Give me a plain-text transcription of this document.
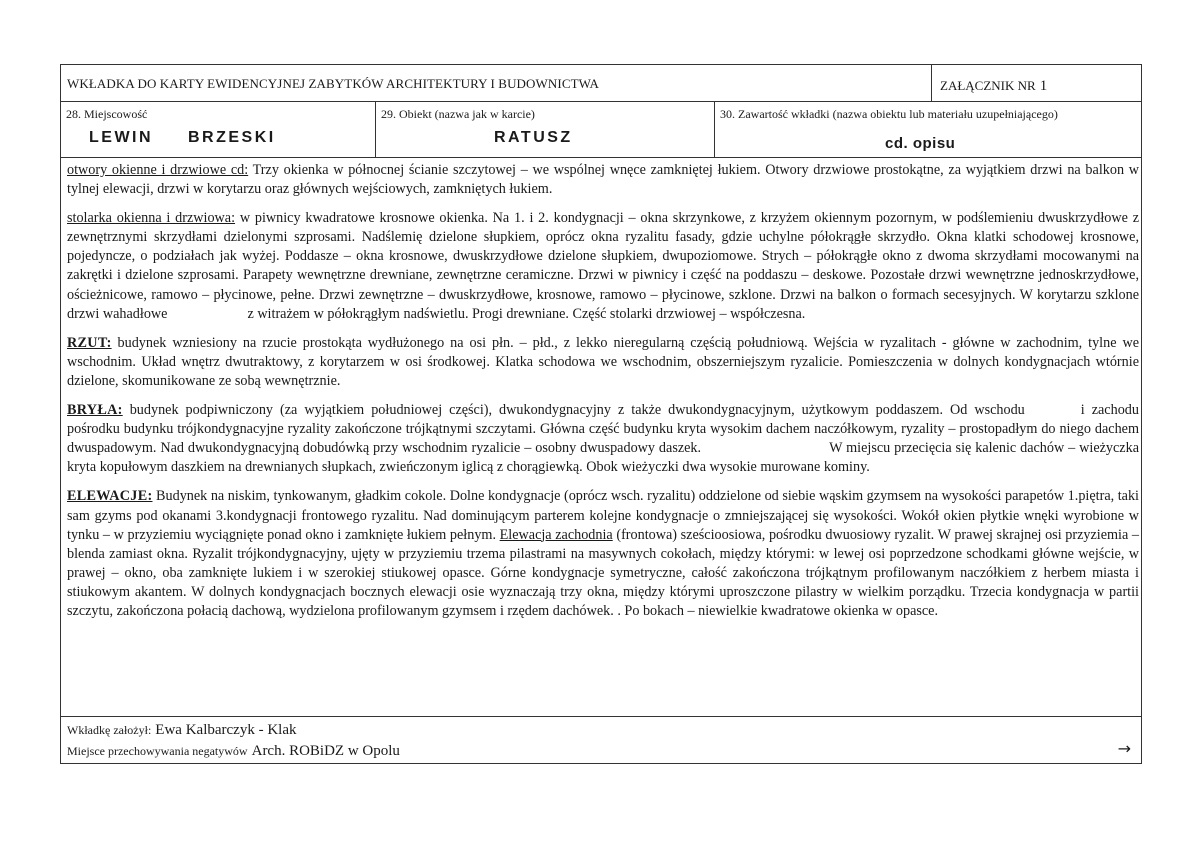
WKŁADKA DO KARTY EWIDENCYJNEJ ZABYTKÓW ARCHITEKTURY I BUDOWNICTWA	ZAŁĄCZNIK NR 1
28. Miejscowość
LEWIN BRZESKI
29. Obiekt (nazwa jak w karcie)
RATUSZ
30. Zawartość wkładki (nazwa obiektu lub materiału uzupełniającego)
cd. opisu

otwory okienne i drzwiowe cd: Trzy okienka w północnej ścianie szczytowej – we wspólnej wnęce zamkniętej łukiem. Otwory drzwiowe prostokątne, za wyjątkiem drzwi na balkon w tylnej elewacji, drzwi w korytarzu oraz głównych wejściowych, zamkniętych łukiem.

stolarka okienna i drzwiowa: w piwnicy kwadratowe krosnowe okienka. Na 1. i 2. kondygnacji – okna skrzynkowe, z krzyżem okiennym pozornym, w podślemieniu dwuskrzydłowe z zewnętrznymi skrzydłami dzielonymi szprosami. Nadślemię dzielone słupkiem, oprócz okna ryzalitu fasady, gdzie uchylne półokrągłe skrzydło. Okna klatki schodowej krosnowe, pojedyncze, o podziałach jak wyżej. Poddasze – okna krosnowe, dwuskrzydłowe dzielone słupkiem, dwupoziomowe. Strych – półokrągłe okno z dwoma skrzydłami mocowanymi na zakrętki i dzielone szprosami. Parapety wewnętrzne drewniane, zewnętrzne ceramiczne. Drzwi w piwnicy i część na poddaszu – deskowe. Pozostałe drzwi wewnętrzne jednoskrzydłowe, ościeżnicowe, ramowo – płycinowe, pełne. Drzwi zewnętrzne – dwuskrzydłowe, krosnowe, ramowo – płycinowe, szklone. Drzwi na balkon o formach secesyjnych. W korytarzu szklone drzwi wahadłowe	z witrażem w półokrągłym nadświetlu. Progi drewniane. Część stolarki drzwiowej – współczesna.

RZUT: budynek wzniesiony na rzucie prostokąta wydłużonego na osi płn. – płd., z lekko nieregularną częścią południową. Wejścia w ryzalitach - główne w zachodnim, tylne we wschodnim. Układ wnętrz dwutraktowy, z korytarzem w osi środkowej. Klatka schodowa we wschodnim, obszerniejszym ryzalicie. Pomieszczenia w dolnych kondygnacjach wtórnie dzielone, skomunikowane ze sobą wewnętrznie.

BRYŁA: budynek podpiwniczony (za wyjątkiem południowej części), dwukondygnacyjny z także dwukondygnacyjnym, użytkowym poddaszem. Od wschodu	i zachodu pośrodku budynku trójkondygnacyjne ryzality zakończone trójkątnymi szczytami. Główna część budynku kryta wysokim dachem naczółkowym, ryzality – prostopadłym do niego dachem dwuspadowym. Nad dwukondygnacyjną dobudówką przy wschodnim ryzalicie – osobny dwuspadowy daszek.	W miejscu przecięcia się kalenic dachów – wieżyczka kryta kopułowym daszkiem na drewnianych słupkach, zwieńczonym iglicą z chorągiewką. Obok wieżyczki dwa wysokie murowane kominy.

ELEWACJE: Budynek na niskim, tynkowanym, gładkim cokole. Dolne kondygnacje (oprócz wsch. ryzalitu) oddzielone od siebie wąskim gzymsem na wysokości parapetów 1.piętra, taki sam gzyms pod okanami 3.kondygnacji frontowego ryzalitu. Nad dominującym parterem kolejne kondygnacje o zmniejszającej się wysokości. Wokół okien płytkie wnęki wyrobione w tynku – w przyziemiu wyciągnięte ponad okno i zamknięte łukiem pełnym. Elewacja zachodnia (frontowa) sześcioosiowa, pośrodku dwuosiowy ryzalit. W prawej skrajnej osi przyziemia – blenda zamiast okna. Ryzalit trójkondygnacyjny, ujęty w przyziemiu trzema pilastrami na masywnych cokołach, między którymi: w lewej osi poprzedzone schodkami główne wejście, w prawej – okno, oba zamknięte lukiem i w szerokiej stiukowej opasce. Górne kondygnacje symetryczne, całość zakończona trójkątnym profilowanym naczółkiem z herbem miasta i stiukowym akantem. W dolnych kondygnacjach bocznych elewacji osie wyznaczają trzy okna, między którymi uproszczone pilastry w wielkim porządku. Trzecia kondygnacja w partii szczytu, zakończona połacią dachową, wydzielona profilowanym gzymsem i rzędem dachówek. . Po bokach – niewielkie kwadratowe okienka w opasce.

Wkładkę założył: Ewa Kalbarczyk - Klak
Miejsce przechowywania negatywów Arch. ROBiDZ w Opolu	→
